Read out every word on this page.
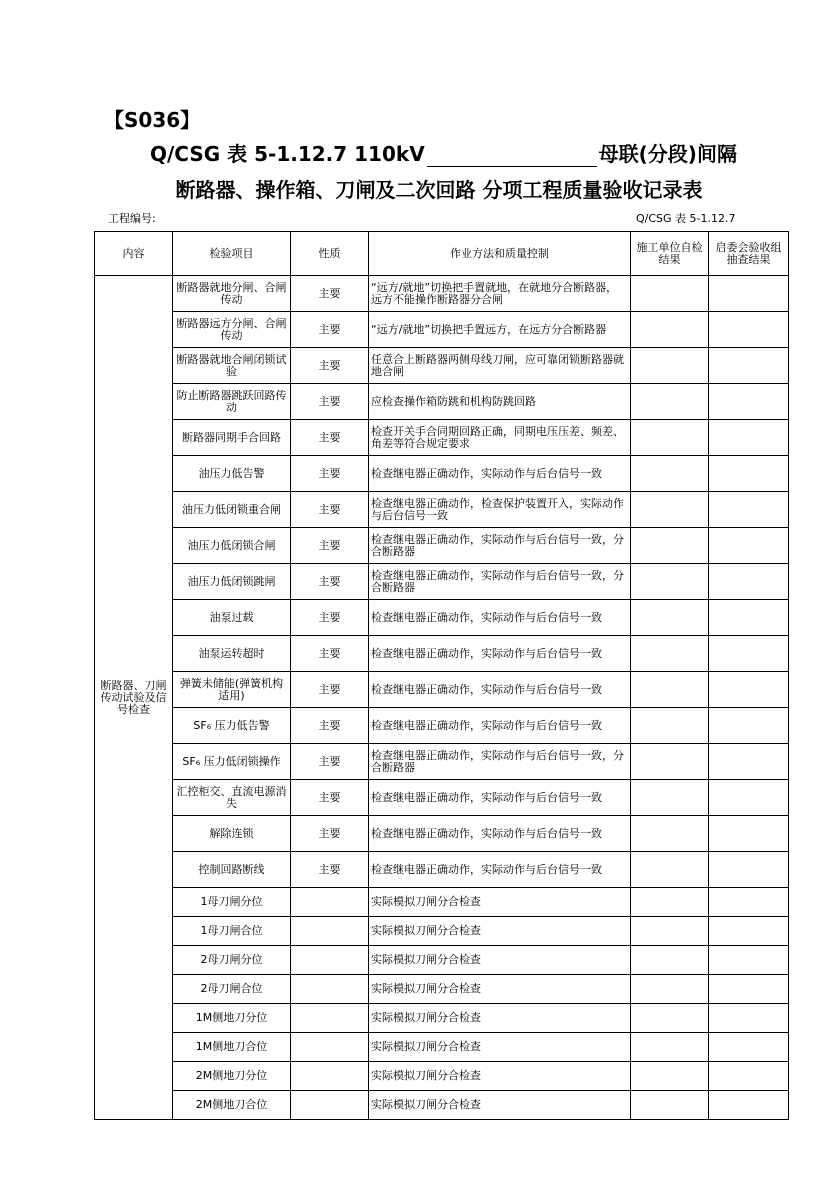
【S036】
Q/CSG 表 5-1.12.7 110kV	母联(分段)间隔
断路器、操作箱、刀闸及二次回路 分项工程质量验收记录表
工程编号:	Q/CSG 表 5-1.12.7
内容	检验项目	性质	作业方法和质量控制	施工单位自检结果	启委会验收组抽查结果
断路器、刀闸传动试验及信号检查	断路器就地分闸、合闸传动	主要	“远方/就地”切换把手置就地，在就地分合断路器，远方不能操作断路器分合闸		
	断路器远方分闸、合闸传动	主要	“远方/就地”切换把手置远方，在远方分合断路器		
	断路器就地合闸闭锁试验	主要	任意合上断路器两侧母线刀闸，应可靠闭锁断路器就地合闸		
	防止断路器跳跃回路传动	主要	应检查操作箱防跳和机构防跳回路		
	断路器同期手合回路	主要	检查开关手合同期回路正确，同期电压压差、频差、角差等符合规定要求		
	油压力低告警	主要	检查继电器正确动作，实际动作与后台信号一致		
	油压力低闭锁重合闸	主要	检查继电器正确动作，检查保护装置开入，实际动作与后台信号一致		
	油压力低闭锁合闸	主要	检查继电器正确动作，实际动作与后台信号一致，分合断路器		
	油压力低闭锁跳闸	主要	检查继电器正确动作，实际动作与后台信号一致，分合断路器		
	油泵过载	主要	检查继电器正确动作，实际动作与后台信号一致		
	油泵运转超时	主要	检查继电器正确动作，实际动作与后台信号一致		
	弹簧未储能(弹簧机构适用)	主要	检查继电器正确动作，实际动作与后台信号一致		
	SF₆ 压力低告警	主要	检查继电器正确动作，实际动作与后台信号一致		
	SF₆ 压力低闭锁操作	主要	检查继电器正确动作，实际动作与后台信号一致，分合断路器		
	汇控柜交、直流电源消失	主要	检查继电器正确动作，实际动作与后台信号一致		
	解除连锁	主要	检查继电器正确动作，实际动作与后台信号一致		
	控制回路断线	主要	检查继电器正确动作，实际动作与后台信号一致		
	1母刀闸分位		实际模拟刀闸分合检查		
	1母刀闸合位		实际模拟刀闸分合检查		
	2母刀闸分位		实际模拟刀闸分合检查		
	2母刀闸合位		实际模拟刀闸分合检查		
	1M侧地刀分位		实际模拟刀闸分合检查		
	1M侧地刀合位		实际模拟刀闸分合检查		
	2M侧地刀分位		实际模拟刀闸分合检查		
	2M侧地刀合位		实际模拟刀闸分合检查		
